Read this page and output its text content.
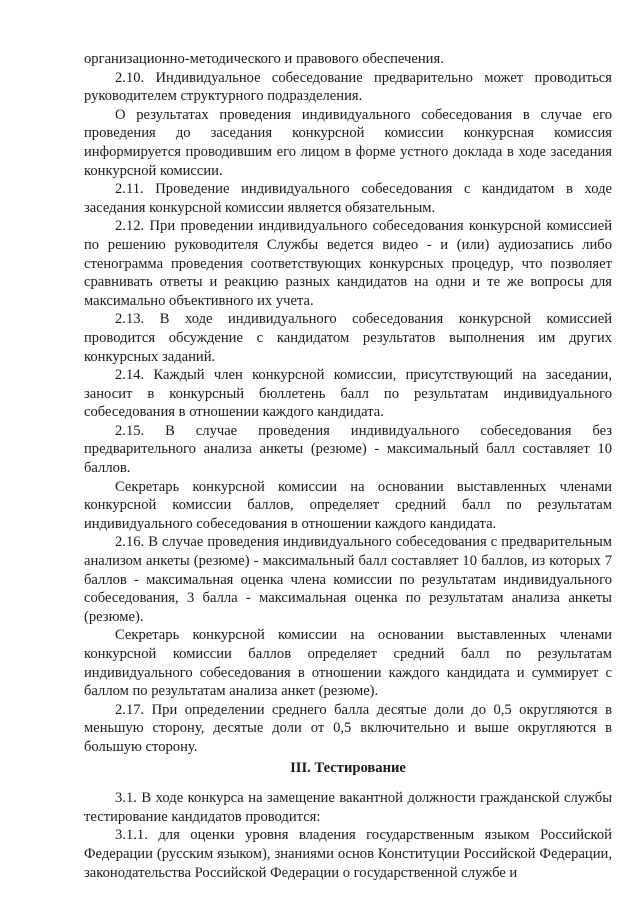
организационно-методического и правового обеспечения.

2.10. Индивидуальное собеседование предварительно может проводиться руководителем структурного подразделения.

О результатах проведения индивидуального собеседования в случае его проведения до заседания конкурсной комиссии конкурсная комиссия информируется проводившим его лицом в форме устного доклада в ходе заседания конкурсной комиссии.

2.11. Проведение индивидуального собеседования с кандидатом в ходе заседания конкурсной комиссии является обязательным.

2.12. При проведении индивидуального собеседования конкурсной комиссией по решению руководителя Службы ведется видео - и (или) аудиозапись либо стенограмма проведения соответствующих конкурсных процедур, что позволяет сравнивать ответы и реакцию разных кандидатов на одни и те же вопросы для максимально объективного их учета.

2.13. В ходе индивидуального собеседования конкурсной комиссией проводится обсуждение с кандидатом результатов выполнения им других конкурсных заданий.

2.14. Каждый член конкурсной комиссии, присутствующий на заседании, заносит в конкурсный бюллетень балл по результатам индивидуального собеседования в отношении каждого кандидата.

2.15. В случае проведения индивидуального собеседования без предварительного анализа анкеты (резюме) - максимальный балл составляет 10 баллов.

Секретарь конкурсной комиссии на основании выставленных членами конкурсной комиссии баллов, определяет средний балл по результатам индивидуального собеседования в отношении каждого кандидата.

2.16. В случае проведения индивидуального собеседования с предварительным анализом анкеты (резюме) - максимальный балл составляет 10 баллов, из которых 7 баллов - максимальная оценка члена комиссии по результатам индивидуального собеседования, 3 балла - максимальная оценка по результатам анализа анкеты (резюме).

Секретарь конкурсной комиссии на основании выставленных членами конкурсной комиссии баллов определяет средний балл по результатам индивидуального собеседования в отношении каждого кандидата и суммирует с баллом по результатам анализа анкет (резюме).

2.17. При определении среднего балла десятые доли до 0,5 округляются в меньшую сторону, десятые доли от 0,5 включительно и выше округляются в большую сторону.

III. Тестирование

3.1. В ходе конкурса на замещение вакантной должности гражданской службы тестирование кандидатов проводится:

3.1.1. для оценки уровня владения государственным языком Российской Федерации (русским языком), знаниями основ Конституции Российской Федерации, законодательства Российской Федерации о государственной службе и
